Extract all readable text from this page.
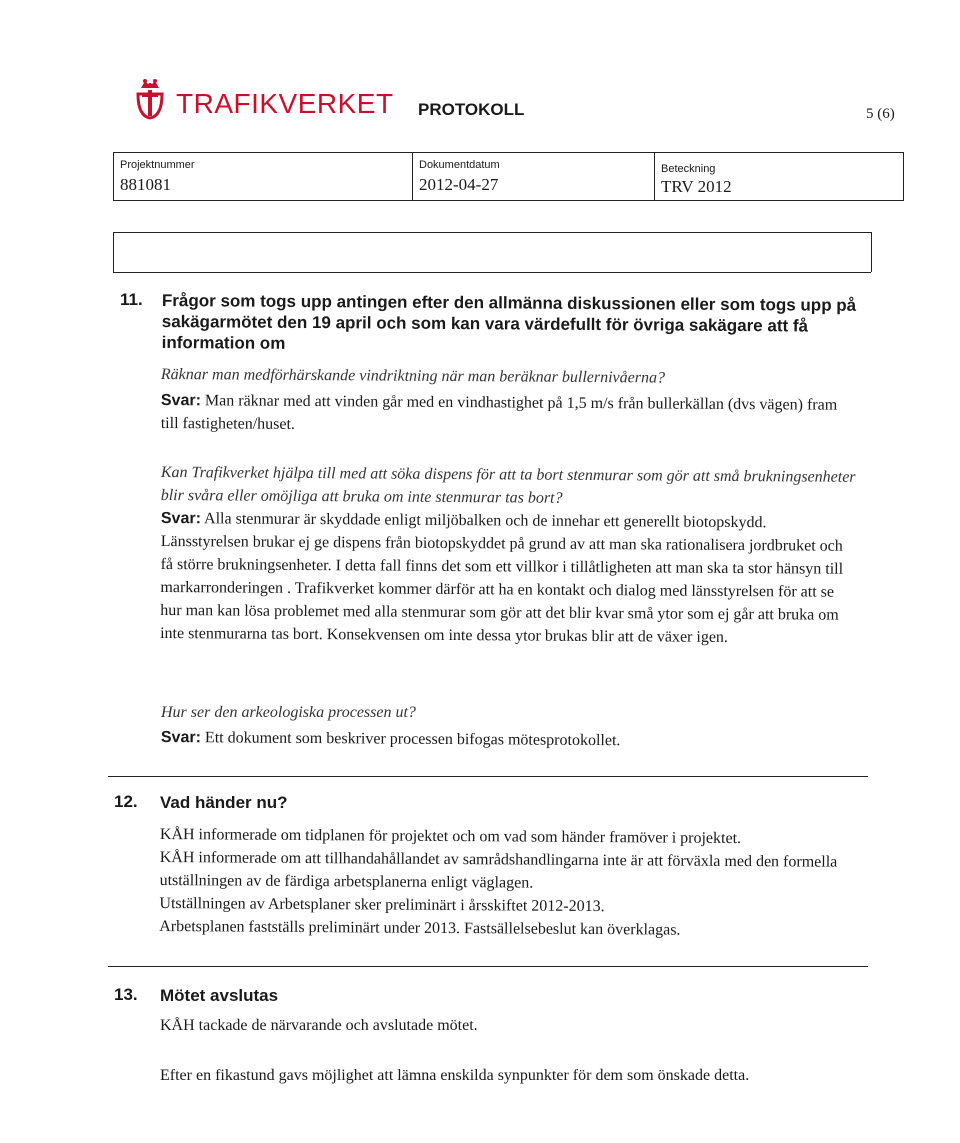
TRAFIKVERKET PROTOKOLL	5 (6)
Projektnummer
881081
Dokumentdatum
2012-04-27
Beteckning
TRV 2012
11. Frågor som togs upp antingen efter den allmänna diskussionen eller som togs upp på sakägarmötet den 19 april och som kan vara värdefullt för övriga sakägare att få information om
Räknar man medförhärskande vindriktning när man beräknar bullernivåerna?
Svar: Man räknar med att vinden går med en vindhastighet på 1,5 m/s från bullerkällan (dvs vägen) fram till fastigheten/huset.
Kan Trafikverket hjälpa till med att söka dispens för att ta bort stenmurar som gör att små brukningsenheter blir svåra eller omöjliga att bruka om inte stenmurar tas bort?
Svar: Alla stenmurar är skyddade enligt miljöbalken och de innehar ett generellt biotopskydd. Länsstyrelsen brukar ej ge dispens från biotopskyddet på grund av att man ska rationalisera jordbruket och få större brukningsenheter. I detta fall finns det som ett villkor i tillåtligheten att man ska ta stor hänsyn till markarronderingen . Trafikverket kommer därför att ha en kontakt och dialog med länsstyrelsen för att se hur man kan lösa problemet med alla stenmurar som gör att det blir kvar små ytor som ej går att bruka om inte stenmurarna tas bort. Konsekvensen om inte dessa ytor brukas blir att de växer igen.
Hur ser den arkeologiska processen ut?
Svar: Ett dokument som beskriver processen bifogas mötesprotokollet.
12. Vad händer nu?
KÅH informerade om tidplanen för projektet och om vad som händer framöver i projektet.
KÅH informerade om att tillhandahållandet av samrådshandlingarna inte är att förväxla med den formella utställningen av de färdiga arbetsplanerna enligt väglagen.
Utställningen av Arbetsplaner sker preliminärt i årsskiftet 2012-2013.
Arbetsplanen fastställs preliminärt under 2013. Fastsällelsebeslut kan överklagas.
13. Mötet avslutas
KÅH tackade de närvarande och avslutade mötet.
Efter en fikastund gavs möjlighet att lämna enskilda synpunkter för dem som önskade detta.
